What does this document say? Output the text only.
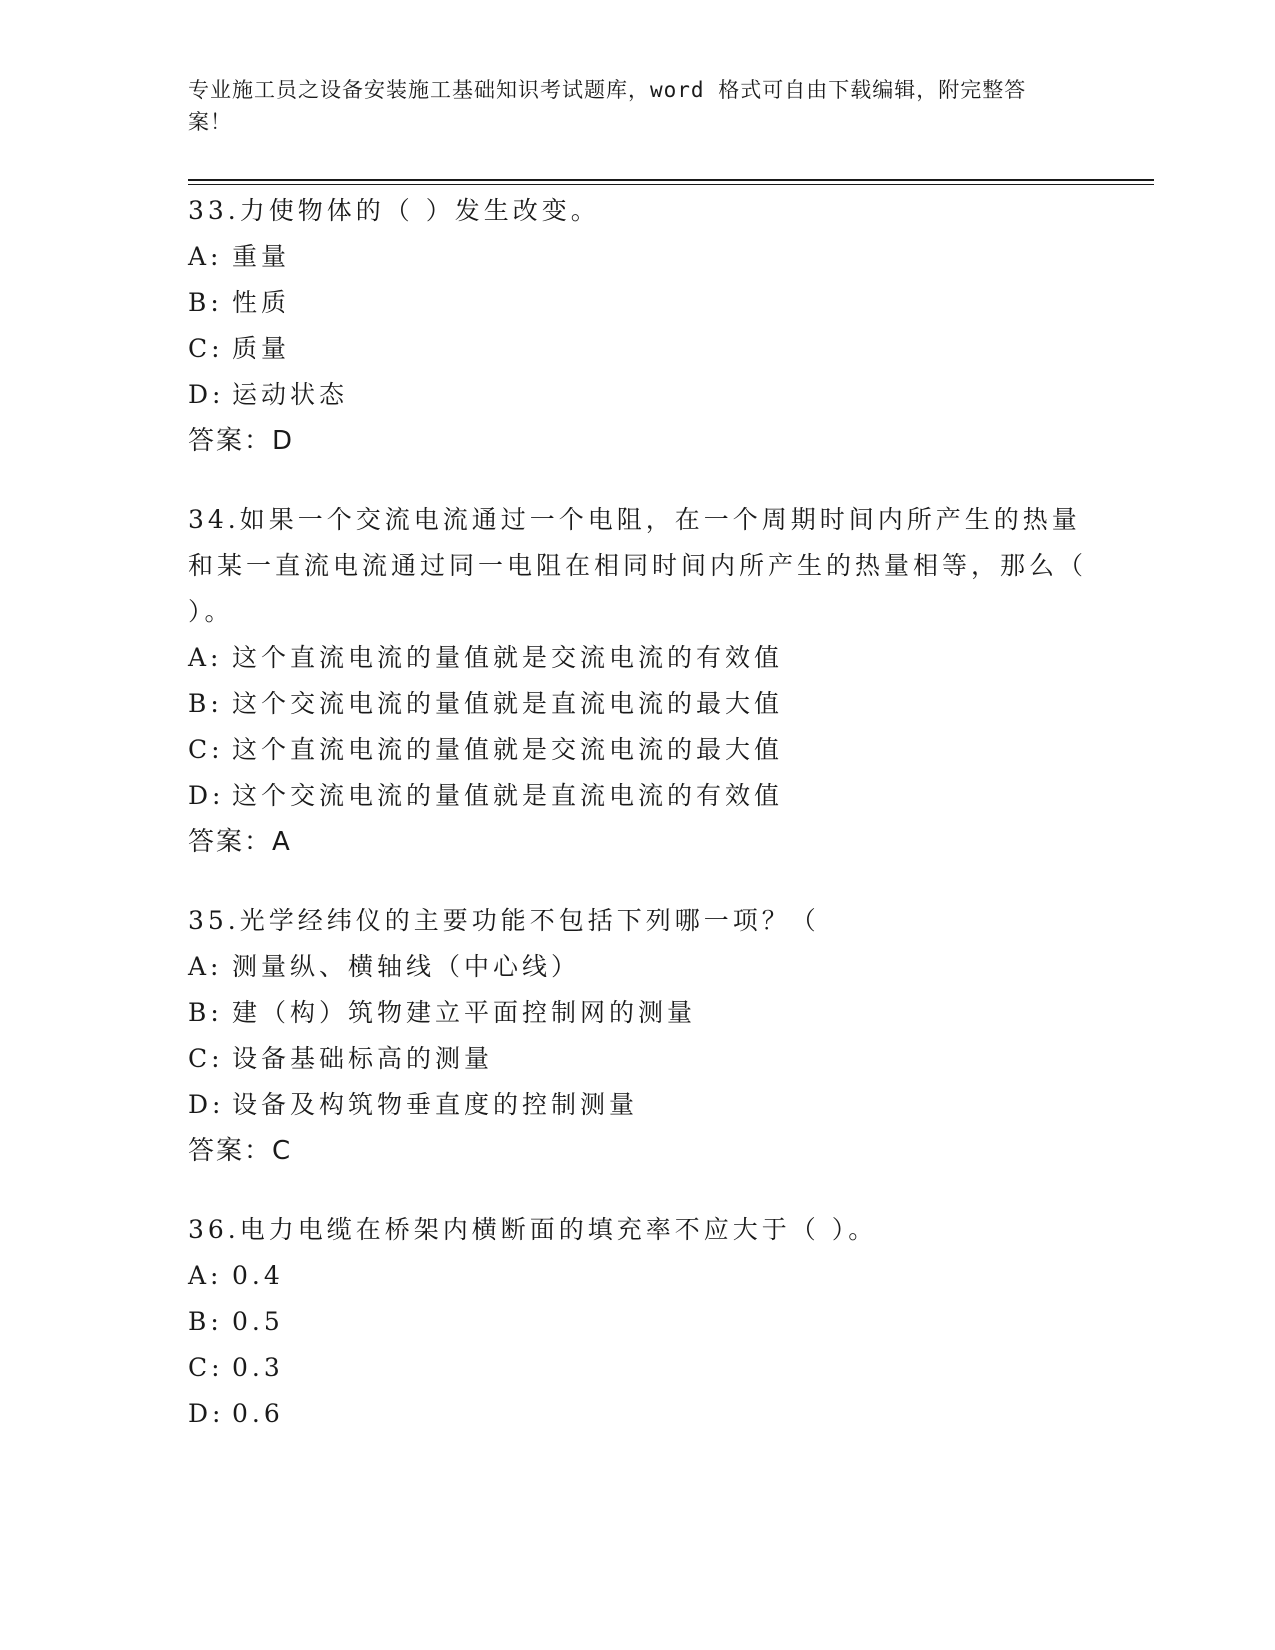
专业施工员之设备安装施工基础知识考试题库，word 格式可自由下载编辑，附完整答案！

33.力使物体的（ ）发生改变。

A: 重量

B: 性质

C: 质量

D: 运动状态

答案：D

34.如果一个交流电流通过一个电阻，在一个周期时间内所产生的热量和某一直流电流通过同一电阻在相同时间内所产生的热量相等，那么（ ）。

A: 这个直流电流的量值就是交流电流的有效值

B: 这个交流电流的量值就是直流电流的最大值

C: 这个直流电流的量值就是交流电流的最大值

D: 这个交流电流的量值就是直流电流的有效值

答案：A

35.光学经纬仪的主要功能不包括下列哪一项？（

A: 测量纵、横轴线（中心线）

B: 建（构）筑物建立平面控制网的测量

C: 设备基础标高的测量

D: 设备及构筑物垂直度的控制测量

答案：C

36.电力电缆在桥架内横断面的填充率不应大于（ ）。

A: 0.4

B: 0.5

C: 0.3

D: 0.6
